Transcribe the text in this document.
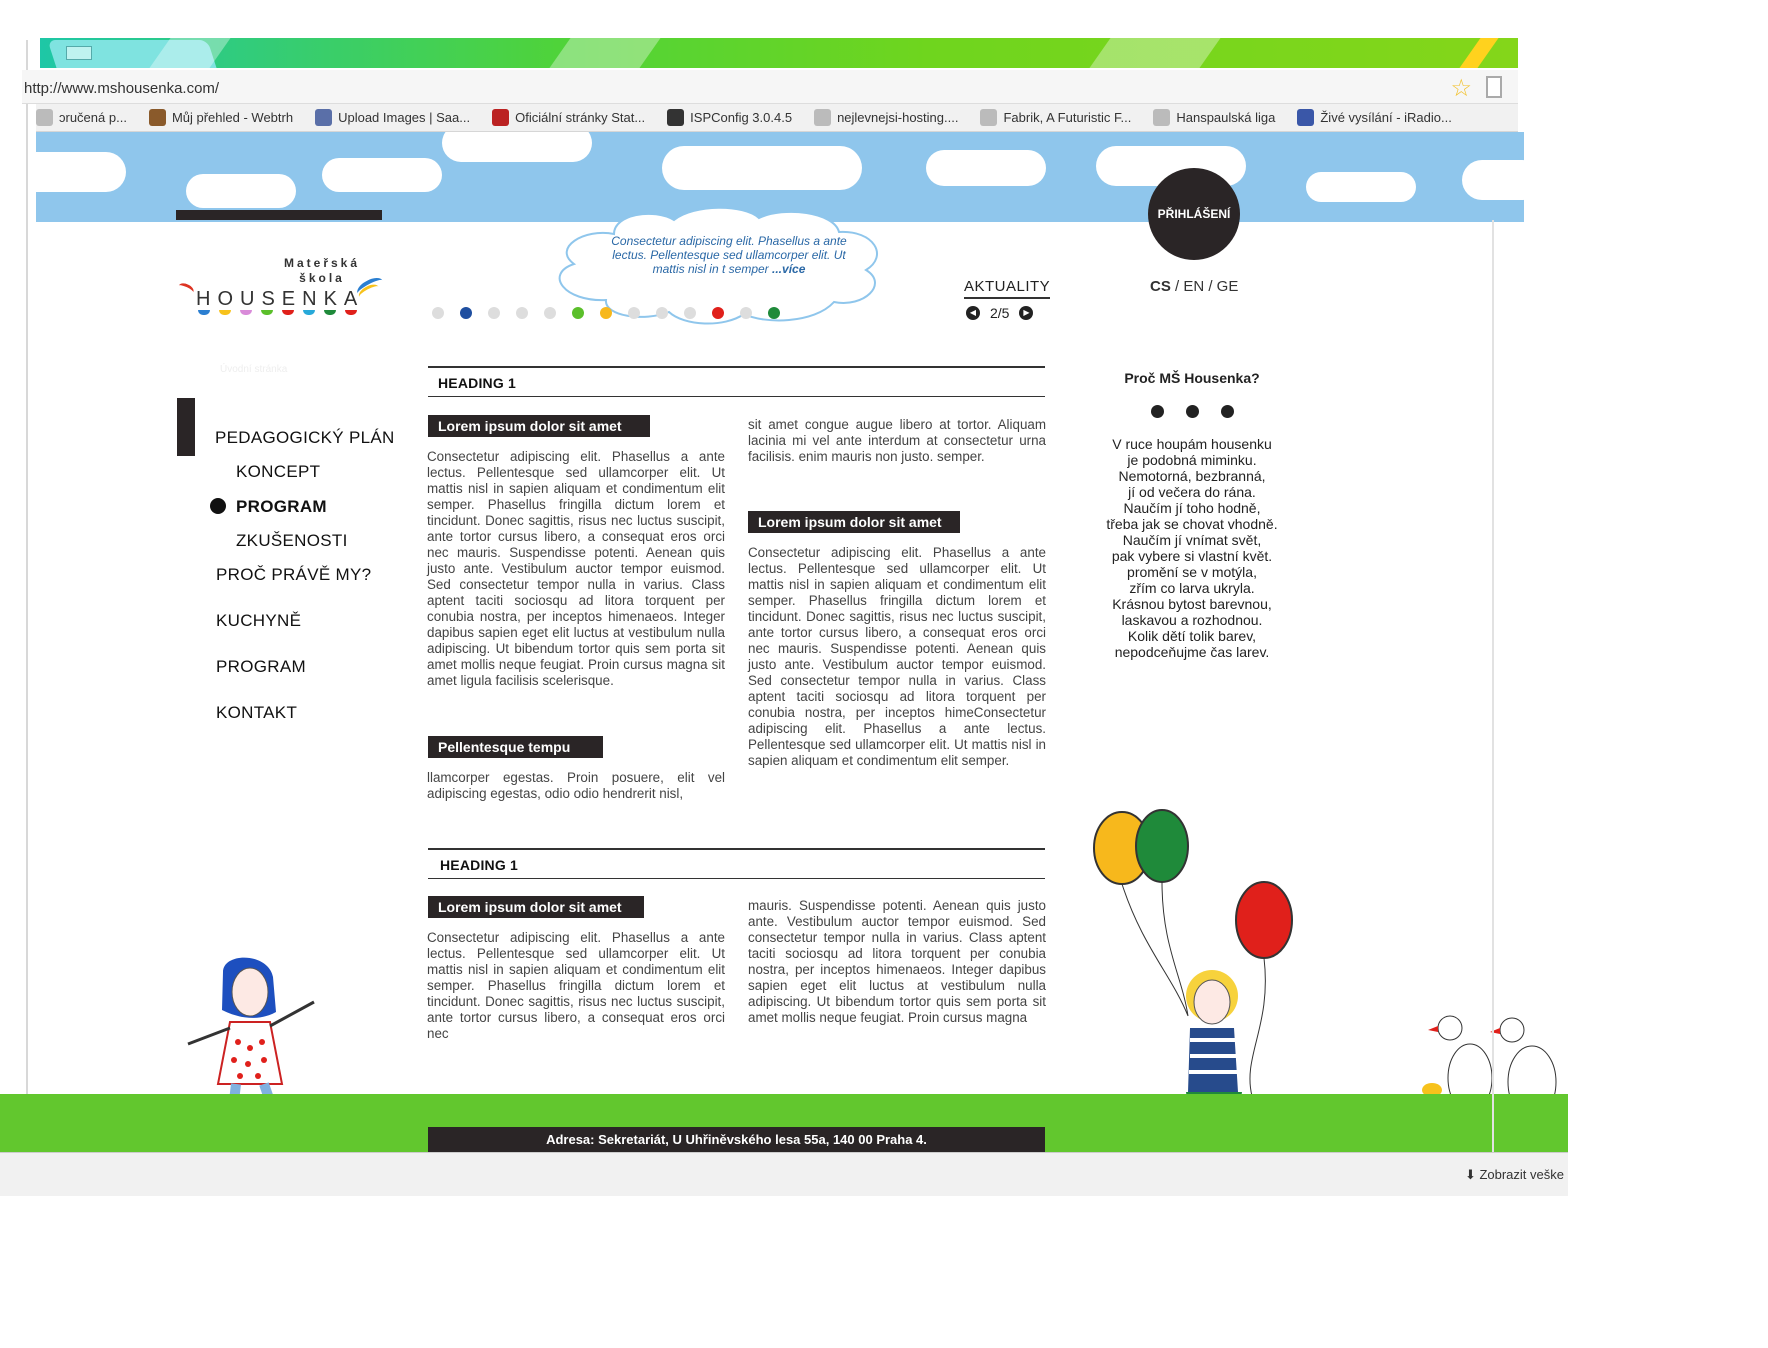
http://www.mshousenka.com/	☆
ɔručená p...	Můj přehled - Webtrh	Upload Images | Saa...	Oficiální stránky Stat...	ISPConfig 3.0.4.5	nejlevnejsi-hosting....	Fabrik, A Futuristic F...	Hanspaulská liga	Živé vysílání - iRadio...
PŘIHLÁŠENÍ
CS / EN / GE
Mateřská
škola
HOUSENKA
Consectetur adipiscing elit. Phasellus a ante lectus. Pellentesque sed ullamcorper elit. Ut mattis nisl in t semper ...více
AKTUALITY
◀ 2/5	▶
Úvodní stránka
PEDAGOGICKÝ PLÁN
KONCEPT
PROGRAM
ZKUŠENOSTI
PROČ PRÁVĚ MY?
KUCHYNĚ
PROGRAM
KONTAKT
HEADING 1
Lorem ipsum dolor sit amet
Consectetur adipiscing elit. Phasellus a ante lectus. Pellentesque sed ullamcorper elit. Ut mattis nisl in sapien aliquam et condimentum elit semper. Phasellus fringilla dictum lorem et tincidunt. Donec sagittis, risus nec luctus suscipit, ante tortor cursus libero, a consequat eros orci nec mauris. Suspendisse potenti. Aenean quis justo ante. Vestibulum auctor tempor euismod. Sed consectetur tempor nulla in varius. Class aptent taciti sociosqu ad litora torquent per conubia nostra, per inceptos himenaeos. Integer dapibus sapien eget elit luctus at vestibulum nulla adipiscing. Ut bibendum tortor quis sem porta sit amet mollis neque feugiat. Proin cursus magna sit amet ligula facilisis scelerisque.
Pellentesque tempu
llamcorper egestas. Proin posuere, elit vel adipiscing egestas, odio odio hendrerit nisl,
sit amet congue augue libero at tortor. Aliquam lacinia mi vel ante interdum at consectetur urna facilisis. enim mauris non justo. semper.
Lorem ipsum dolor sit amet
Consectetur adipiscing elit. Phasellus a ante lectus. Pellentesque sed ullamcorper elit. Ut mattis nisl in sapien aliquam et condimentum elit semper. Phasellus fringilla dictum lorem et tincidunt. Donec sagittis, risus nec luctus suscipit, ante tortor cursus libero, a consequat eros orci nec mauris. Suspendisse potenti. Aenean quis justo ante. Vestibulum auctor tempor euismod. Sed consectetur tempor nulla in varius. Class aptent taciti sociosqu ad litora torquent per conubia nostra, per inceptos himeConsectetur adipiscing elit. Phasellus a ante lectus. Pellentesque sed ullamcorper elit. Ut mattis nisl in sapien aliquam et condimentum elit semper.
HEADING 1
Lorem ipsum dolor sit amet
Consectetur adipiscing elit. Phasellus a ante lectus. Pellentesque sed ullamcorper elit. Ut mattis nisl in sapien aliquam et condimentum elit semper. Phasellus fringilla dictum lorem et tincidunt. Donec sagittis, risus nec luctus suscipit, ante tortor cursus libero, a consequat eros orci nec
mauris. Suspendisse potenti. Aenean quis justo ante. Vestibulum auctor tempor euismod. Sed consectetur tempor nulla in varius. Class aptent taciti sociosqu ad litora torquent per conubia nostra, per inceptos himenaeos. Integer dapibus sapien eget elit luctus at vestibulum nulla adipiscing. Ut bibendum tortor quis sem porta sit amet mollis neque feugiat. Proin cursus magna
Proč MŠ Housenka?
V ruce houpám housenku
je podobná miminku.
Nemotorná, bezbranná,
jí od večera do rána.
Naučím jí toho hodně,
třeba jak se chovat vhodně.
Naučím jí vnímat svět,
pak vybere si vlastní květ.
promění se v motýla,
zřím co larva ukryla.
Krásnou bytost barevnou,
laskavou a rozhodnou.
Kolik dětí tolik barev,
nepodceňujme čas larev.
Adresa: Sekretariát, U Uhřiněvského lesa 55a, 140 00 Praha 4.
⬇ Zobrazit veške
